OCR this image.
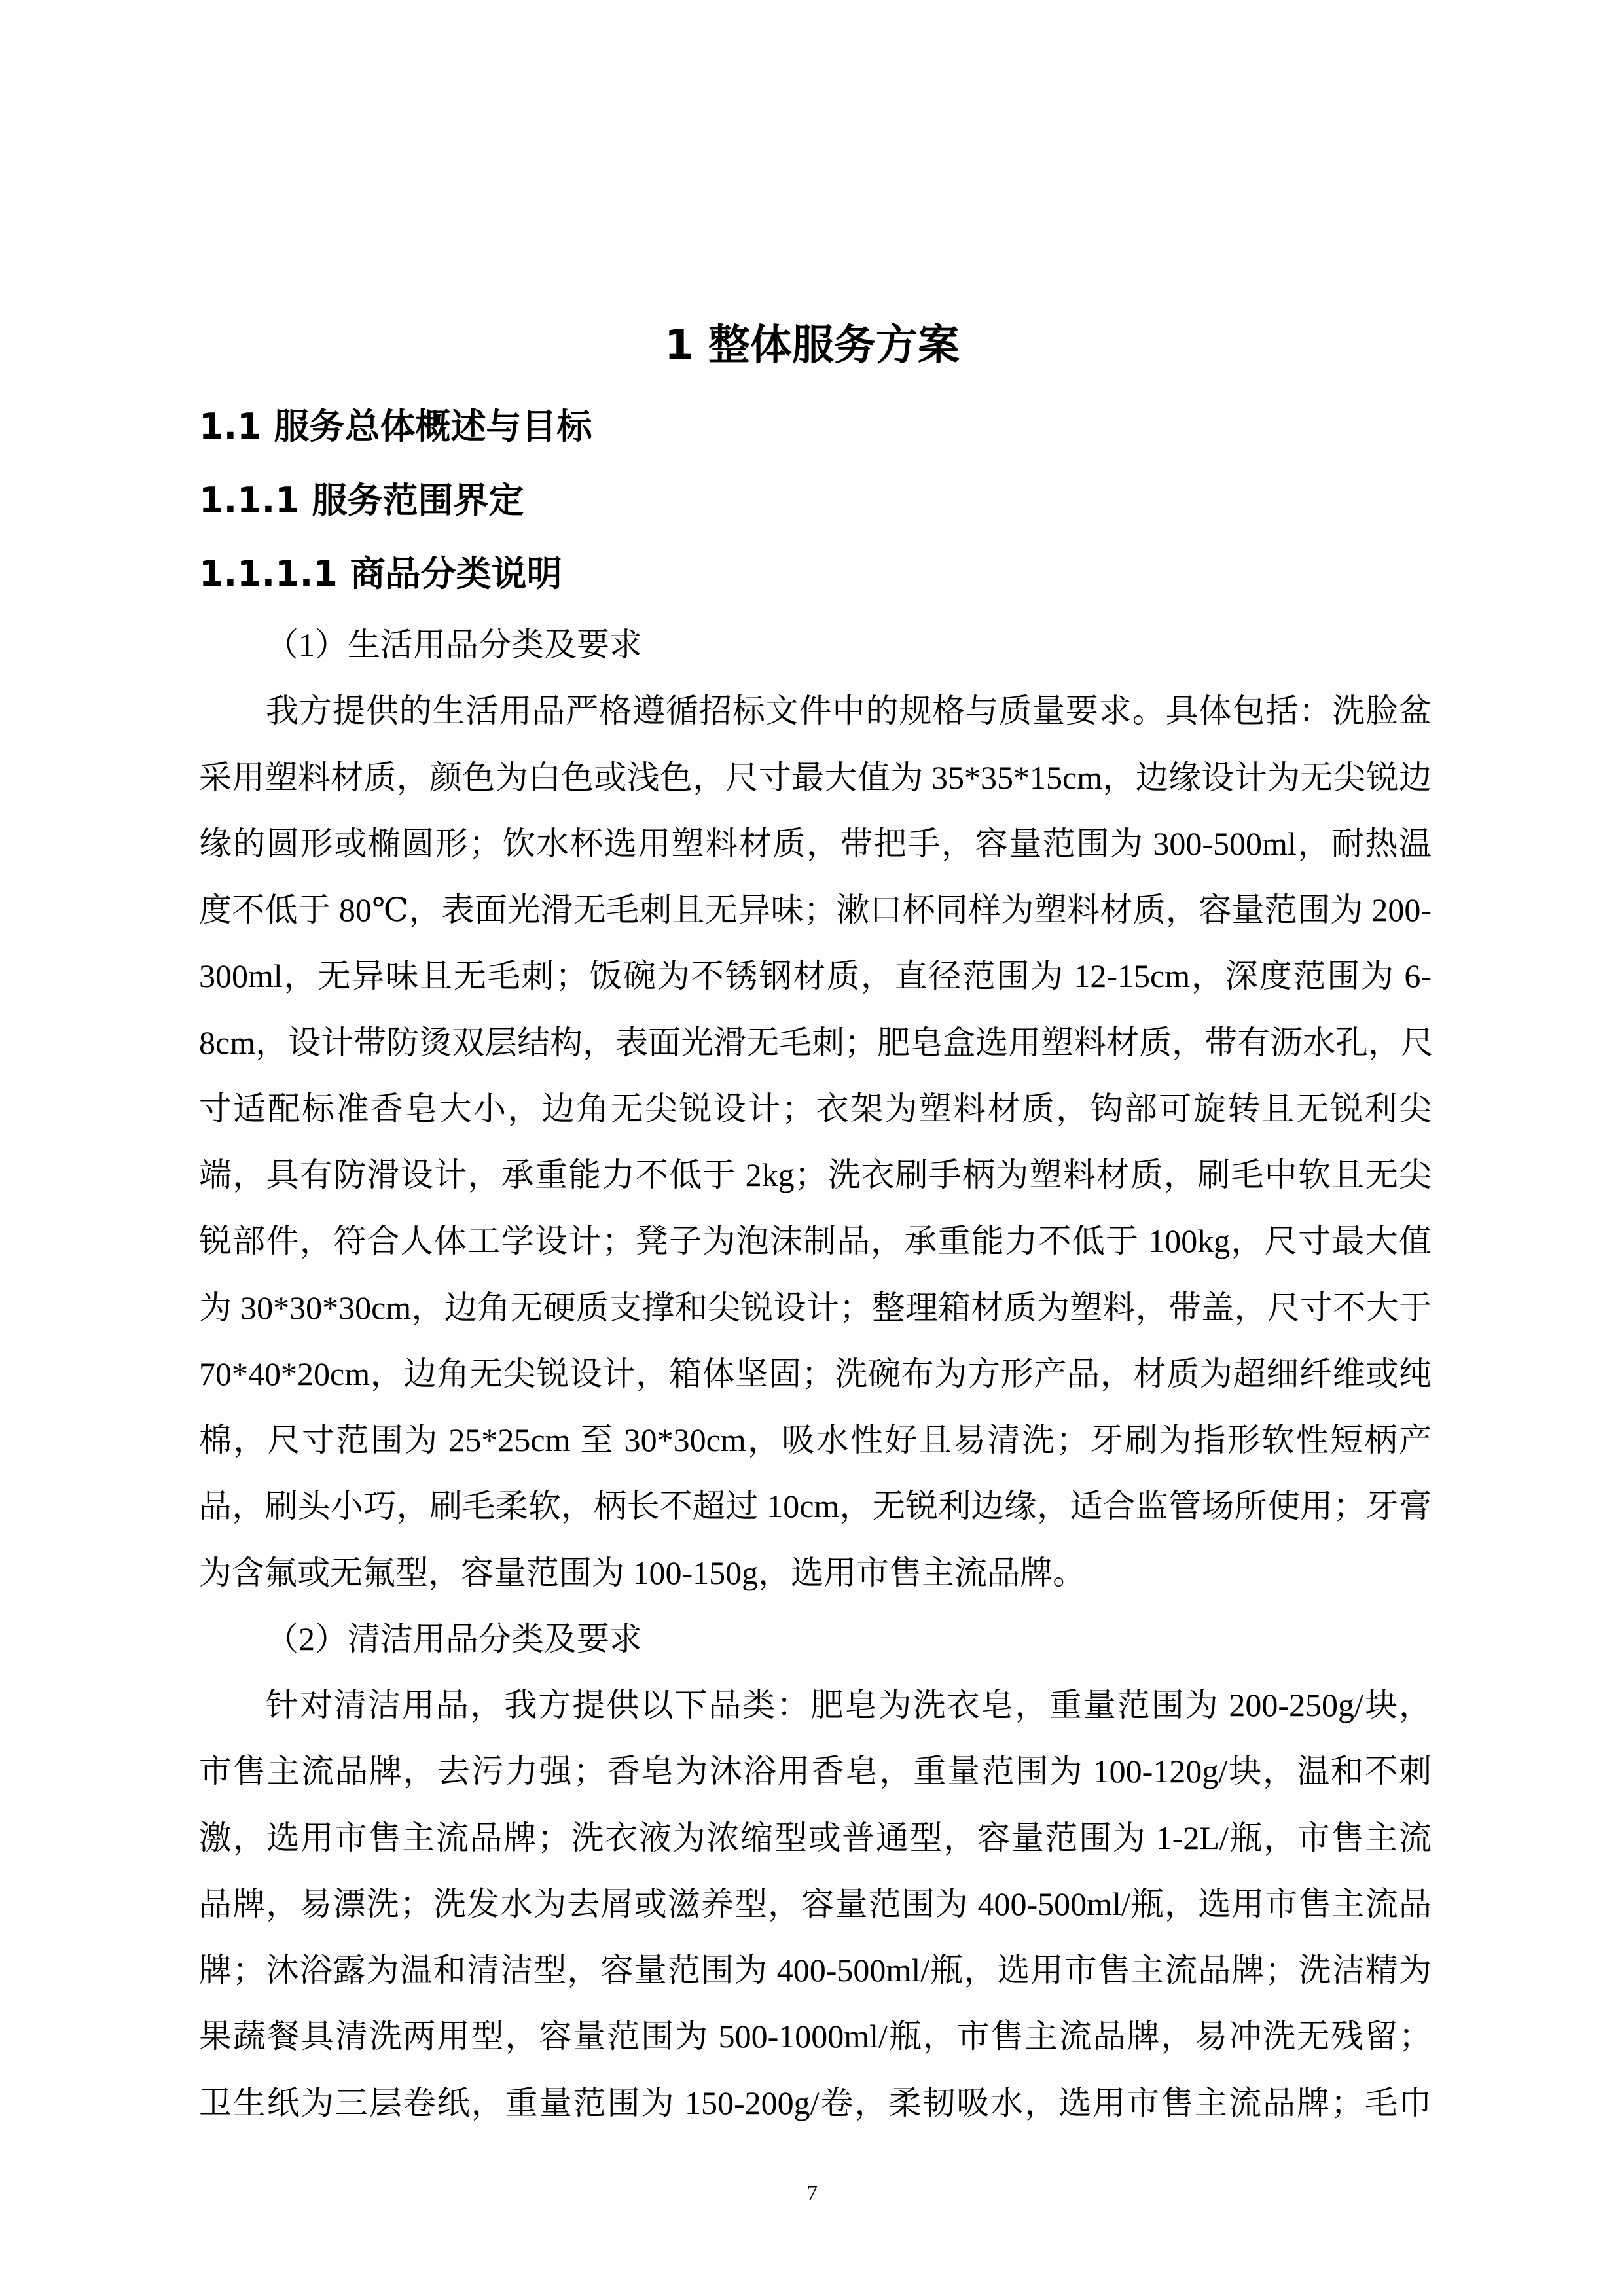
1 整体服务方案
1.1 服务总体概述与目标
1.1.1 服务范围界定
1.1.1.1 商品分类说明
（1）生活用品分类及要求
我方提供的生活用品严格遵循招标文件中的规格与质量要求。具体包括：洗脸盆
采用塑料材质，颜色为白色或浅色，尺寸最大值为 35*35*15cm，边缘设计为无尖锐边
缘的圆形或椭圆形；饮水杯选用塑料材质，带把手，容量范围为 300-500ml，耐热温
度不低于 80℃，表面光滑无毛刺且无异味；漱口杯同样为塑料材质，容量范围为 200-
300ml，无异味且无毛刺；饭碗为不锈钢材质，直径范围为 12-15cm，深度范围为 6-
8cm，设计带防烫双层结构，表面光滑无毛刺；肥皂盒选用塑料材质，带有沥水孔，尺
寸适配标准香皂大小，边角无尖锐设计；衣架为塑料材质，钩部可旋转且无锐利尖
端，具有防滑设计，承重能力不低于 2kg；洗衣刷手柄为塑料材质，刷毛中软且无尖
锐部件，符合人体工学设计；凳子为泡沫制品，承重能力不低于 100kg，尺寸最大值
为 30*30*30cm，边角无硬质支撑和尖锐设计；整理箱材质为塑料，带盖，尺寸不大于
70*40*20cm，边角无尖锐设计，箱体坚固；洗碗布为方形产品，材质为超细纤维或纯
棉，尺寸范围为 25*25cm 至 30*30cm，吸水性好且易清洗；牙刷为指形软性短柄产
品，刷头小巧，刷毛柔软，柄长不超过 10cm，无锐利边缘，适合监管场所使用；牙膏
为含氟或无氟型，容量范围为 100-150g，选用市售主流品牌。
（2）清洁用品分类及要求
针对清洁用品，我方提供以下品类：肥皂为洗衣皂，重量范围为 200-250g/块，
市售主流品牌，去污力强；香皂为沐浴用香皂，重量范围为 100-120g/块，温和不刺
激，选用市售主流品牌；洗衣液为浓缩型或普通型，容量范围为 1-2L/瓶，市售主流
品牌，易漂洗；洗发水为去屑或滋养型，容量范围为 400-500ml/瓶，选用市售主流品
牌；沐浴露为温和清洁型，容量范围为 400-500ml/瓶，选用市售主流品牌；洗洁精为
果蔬餐具清洗两用型，容量范围为 500-1000ml/瓶，市售主流品牌，易冲洗无残留；
卫生纸为三层卷纸，重量范围为 150-200g/卷，柔韧吸水，选用市售主流品牌；毛巾
7
